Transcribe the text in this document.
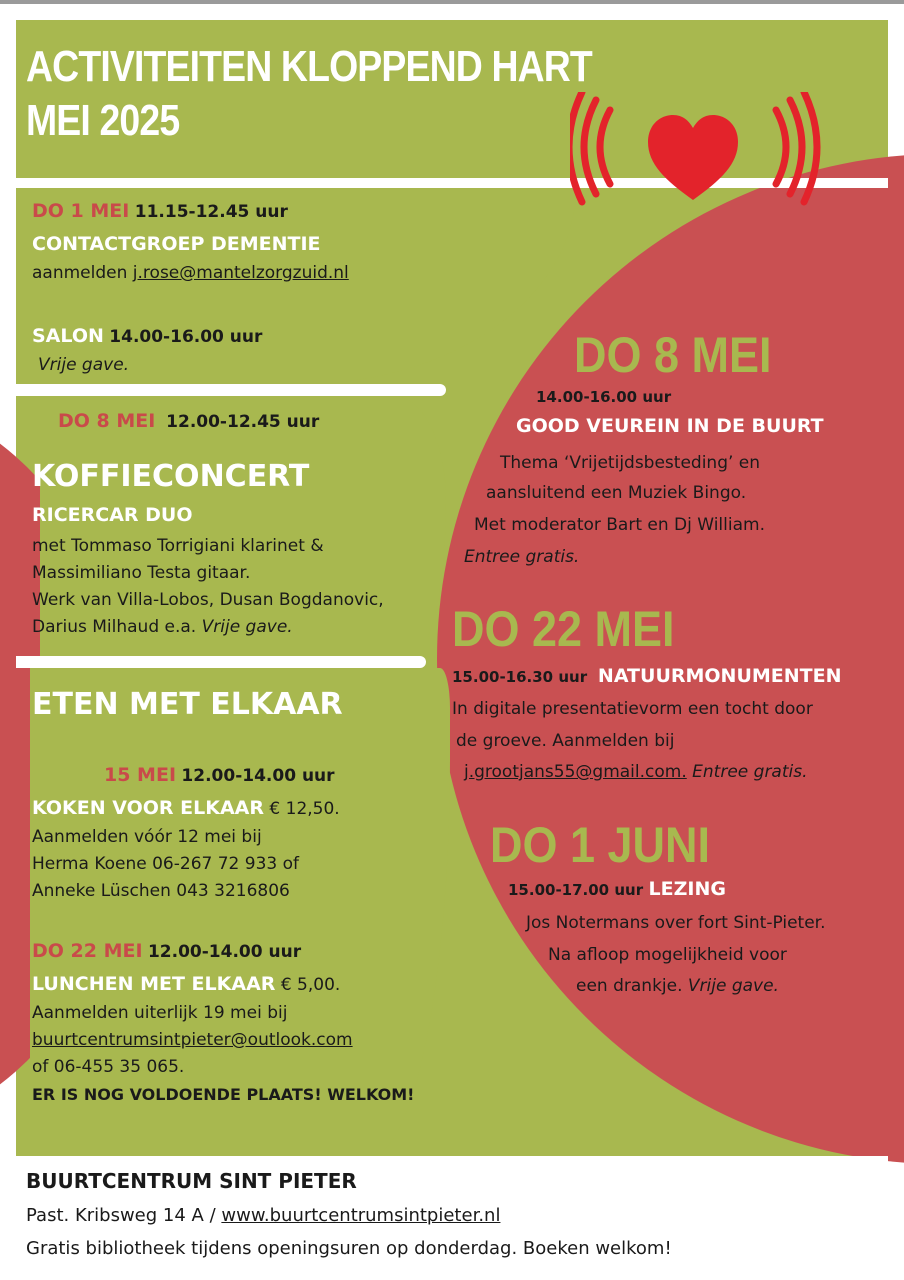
ACTIVITEITEN KLOPPEND HART
MEI 2025
DO 1 MEI 11.15-12.45 uur
CONTACTGROEP DEMENTIE
aanmelden j.rose@mantelzorgzuid.nl
SALON 14.00-16.00 uur
Vrije gave.
DO 8 MEI 12.00-12.45 uur
KOFFIECONCERT
RICERCAR DUO
met Tommaso Torrigiani klarinet &
Massimiliano Testa gitaar.
Werk van Villa-Lobos, Dusan Bogdanovic,
Darius Milhaud e.a. Vrije gave.
ETEN MET ELKAAR
15 MEI 12.00-14.00 uur
KOKEN VOOR ELKAAR € 12,50.
Aanmelden vóór 12 mei bij
Herma Koene 06-267 72 933 of
Anneke Lüschen 043 3216806
DO 22 MEI 12.00-14.00 uur
LUNCHEN MET ELKAAR € 5,00.
Aanmelden uiterlijk 19 mei bij
buurtcentrumsintpieter@outlook.com
of 06-455 35 065.
ER IS NOG VOLDOENDE PLAATS! WELKOM!
DO 8 MEI
14.00-16.00 uur
GOOD VEUREIN IN DE BUURT
Thema ‘Vrijetijdsbesteding’ en
aansluitend een Muziek Bingo.
Met moderator Bart en Dj William.
Entree gratis.
DO 22 MEI
15.00-16.30 uur NATUURMONUMENTEN
In digitale presentatievorm een tocht door
de groeve. Aanmelden bij
j.grootjans55@gmail.com. Entree gratis.
DO 1 JUNI
15.00-17.00 uur LEZING
Jos Notermans over fort Sint-Pieter.
Na afloop mogelijkheid voor
een drankje. Vrije gave.
BUURTCENTRUM SINT PIETER
Past. Kribsweg 14 A / www.buurtcentrumsintpieter.nl
Gratis bibliotheek tijdens openingsuren op donderdag. Boeken welkom!
